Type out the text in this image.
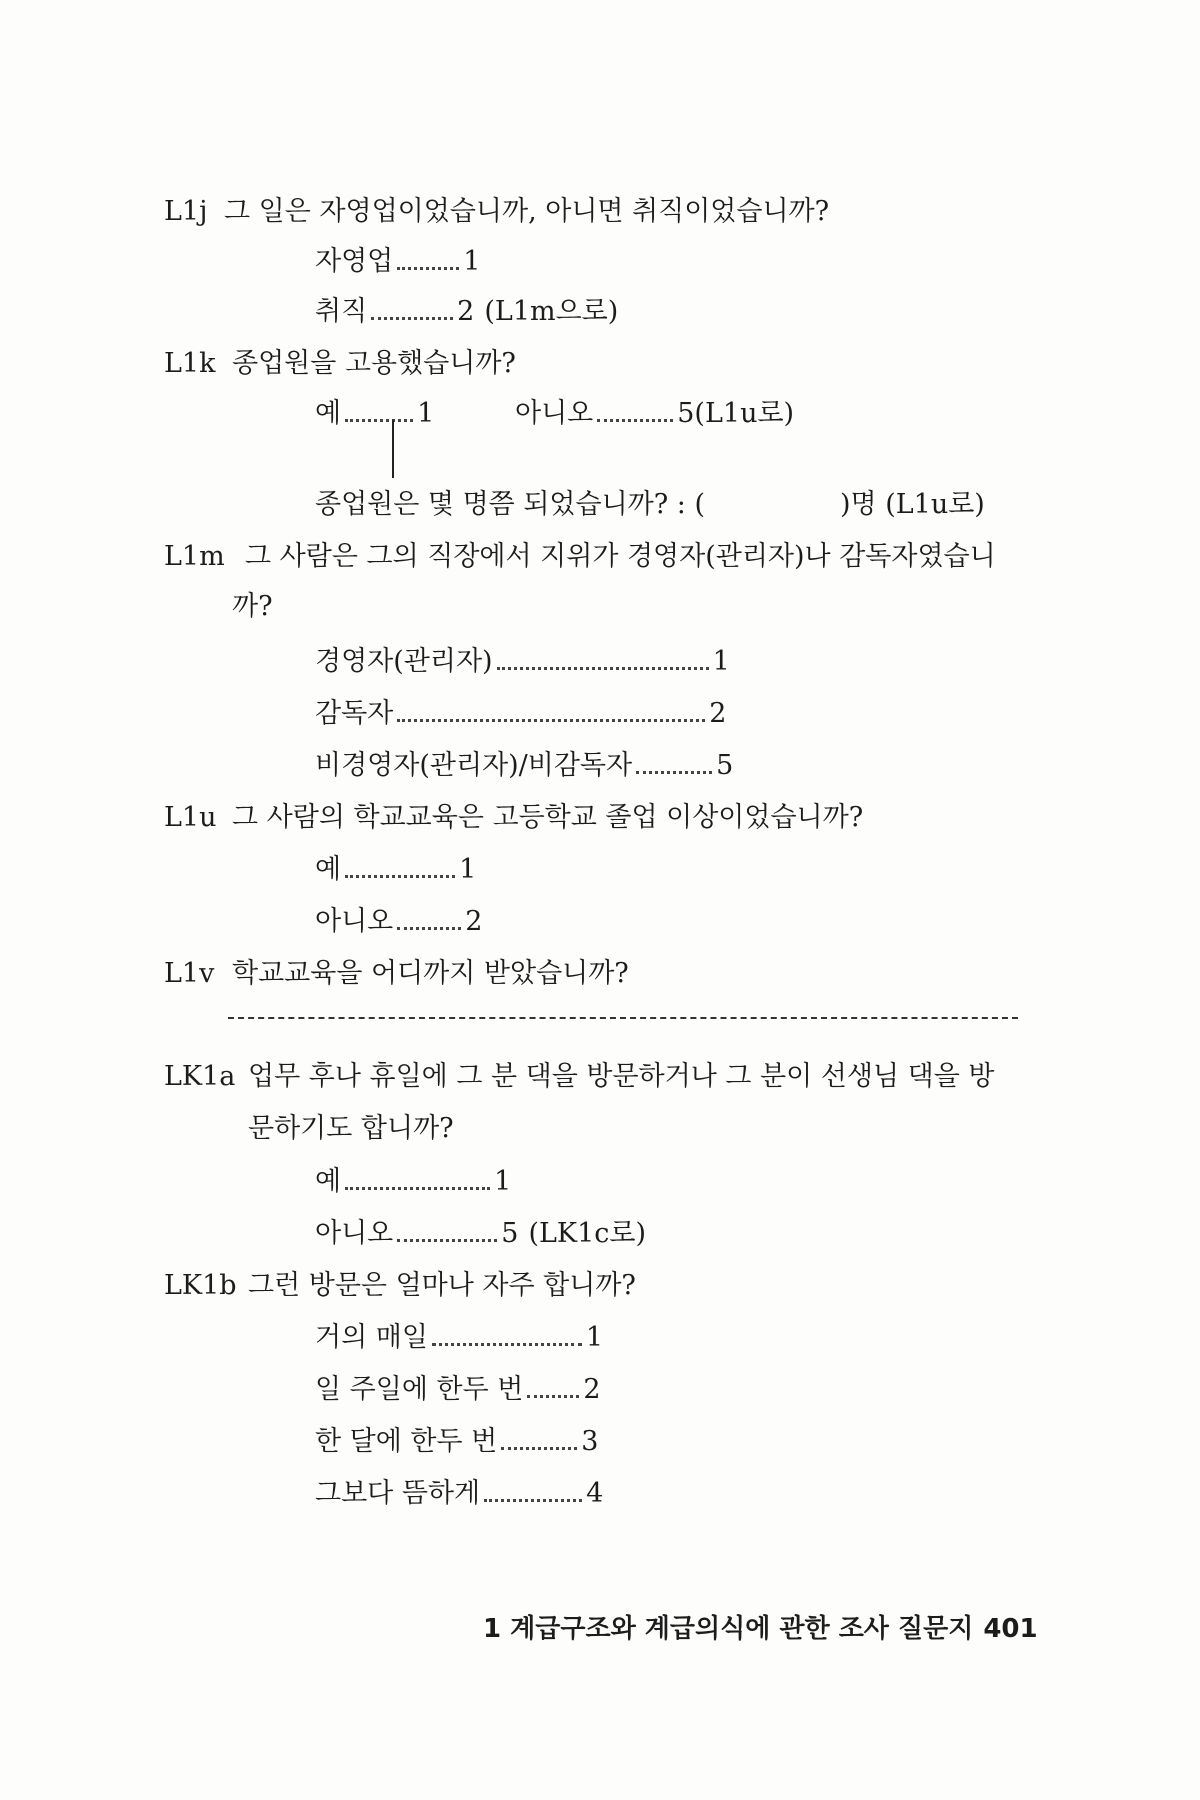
L1j 그 일은 자영업이었습니까, 아니면 취직이었습니까?
자영업	1
취직	2 (L1m으로)
L1k 종업원을 고용했습니까?
예	1	아니오	5(L1u로)
종업원은 몇 명쯤 되었습니까? : (	)명 (L1u로)
L1m 그 사람은 그의 직장에서 지위가 경영자(관리자)나 감독자였습니
까?
경영자(관리자)	1
감독자	2
비경영자(관리자)/비감독자	5
L1u 그 사람의 학교교육은 고등학교 졸업 이상이었습니까?
예	1
아니오	2
L1v 학교교육을 어디까지 받았습니까?
LK1a 업무 후나 휴일에 그 분 댁을 방문하거나 그 분이 선생님 댁을 방
문하기도 합니까?
예	1
아니오	5 (LK1c로)
LK1b 그런 방문은 얼마나 자주 합니까?
거의 매일	1
일 주일에 한두 번 2
한 달에 한두 번	3
그보다 뜸하게	4
1 계급구조와 계급의식에 관한 조사 질문지 401
